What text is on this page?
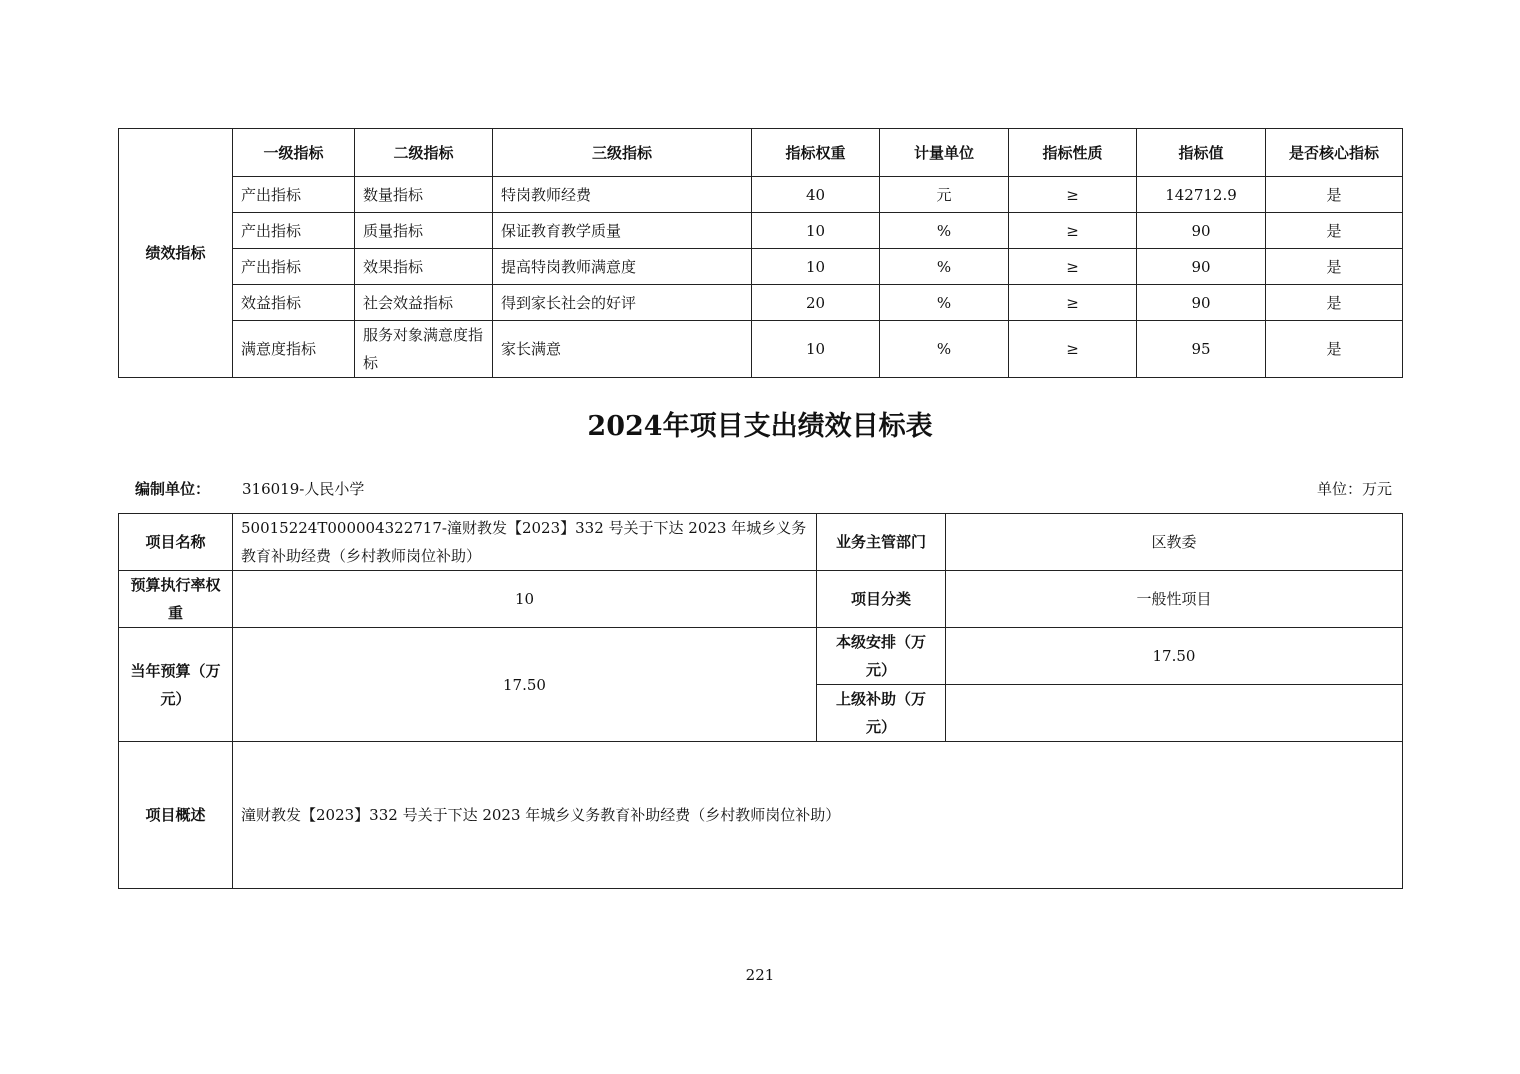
绩效指标	一级指标	二级指标	三级指标	指标权重	计量单位	指标性质	指标值	是否核心指标
	产出指标	数量指标	特岗教师经费	40	元	≥	142712.9	是
	产出指标	质量指标	保证教育教学质量	10	%	≥	90	是
	产出指标	效果指标	提高特岗教师满意度	10	%	≥	90	是
	效益指标	社会效益指标	得到家长社会的好评	20	%	≥	90	是
	满意度指标	服务对象满意度指标	家长满意	10	%	≥	95	是
2024年项目支出绩效目标表
编制单位： 316019-人民小学	单位：万元
项目名称	50015224T000004322717-潼财教发【2023】332 号关于下达 2023 年城乡义务教育补助经费（乡村教师岗位补助）	业务主管部门	区教委
预算执行率权重	10	项目分类	一般性项目
当年预算（万元）	17.50	本级安排（万元）	17.50
		上级补助（万元）	
项目概述	潼财教发【2023】332 号关于下达 2023 年城乡义务教育补助经费（乡村教师岗位补助）		
221
